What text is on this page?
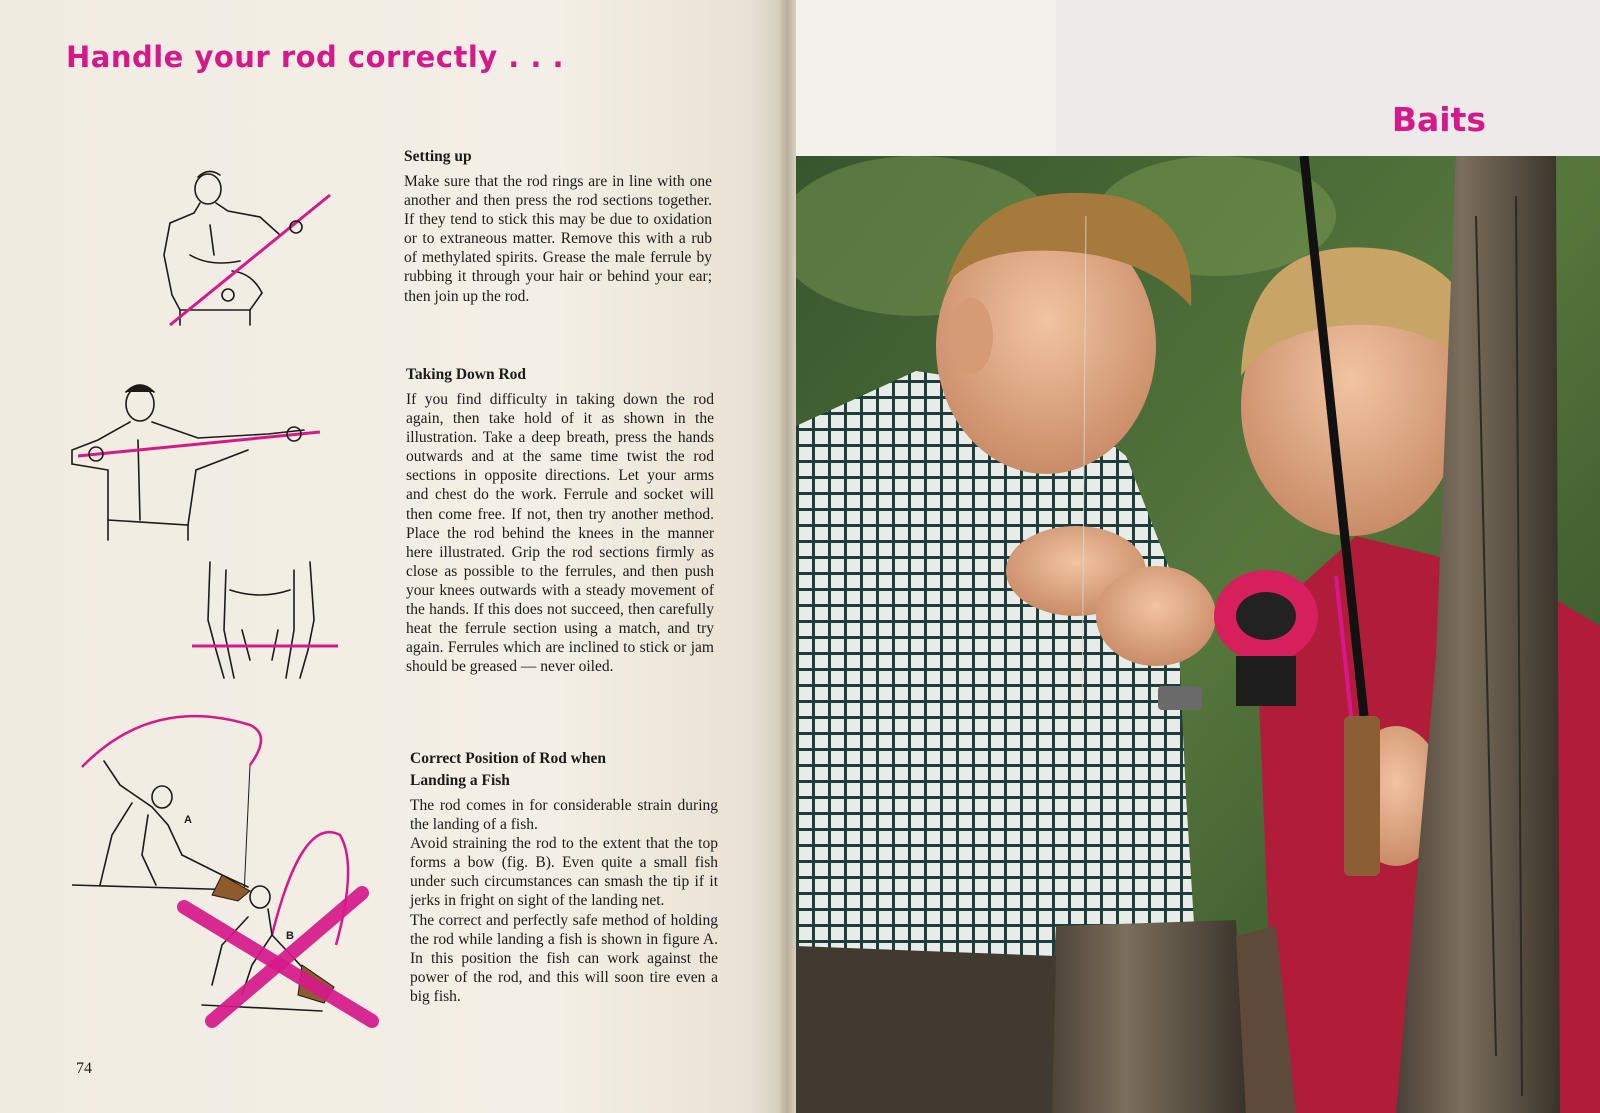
Handle your rod correctly . . .
A
B
Setting up

Make sure that the rod rings are in line with one another and then press the rod sections together. If they tend to stick this may be due to oxidation or to extraneous matter. Remove this with a rub of methylated spirits. Grease the male ferrule by rubbing it through your hair or behind your ear; then join up the rod.

Taking Down Rod

If you find difficulty in taking down the rod again, then take hold of it as shown in the illustration. Take a deep breath, press the hands outwards and at the same time twist the rod sections in opposite directions. Let your arms and chest do the work. Ferrule and socket will then come free. If not, then try another method. Place the rod behind the knees in the manner here illustrated. Grip the rod sections firmly as close as possible to the ferrules, and then push your knees outwards with a steady movement of the hands. If this does not succeed, then carefully heat the ferrule section using a match, and try again. Ferrules which are inclined to stick or jam should be greased — never oiled.

Correct Position of Rod when Landing a Fish

The rod comes in for considerable strain during the landing of a fish.

Avoid straining the rod to the extent that the top forms a bow (fig. B). Even quite a small fish under such circumstances can smash the tip if it jerks in fright on sight of the landing net.

The correct and perfectly safe method of holding the rod while landing a fish is shown in figure A. In this position the fish can work against the power of the rod, and this will soon tire even a big fish.

74
Baits
